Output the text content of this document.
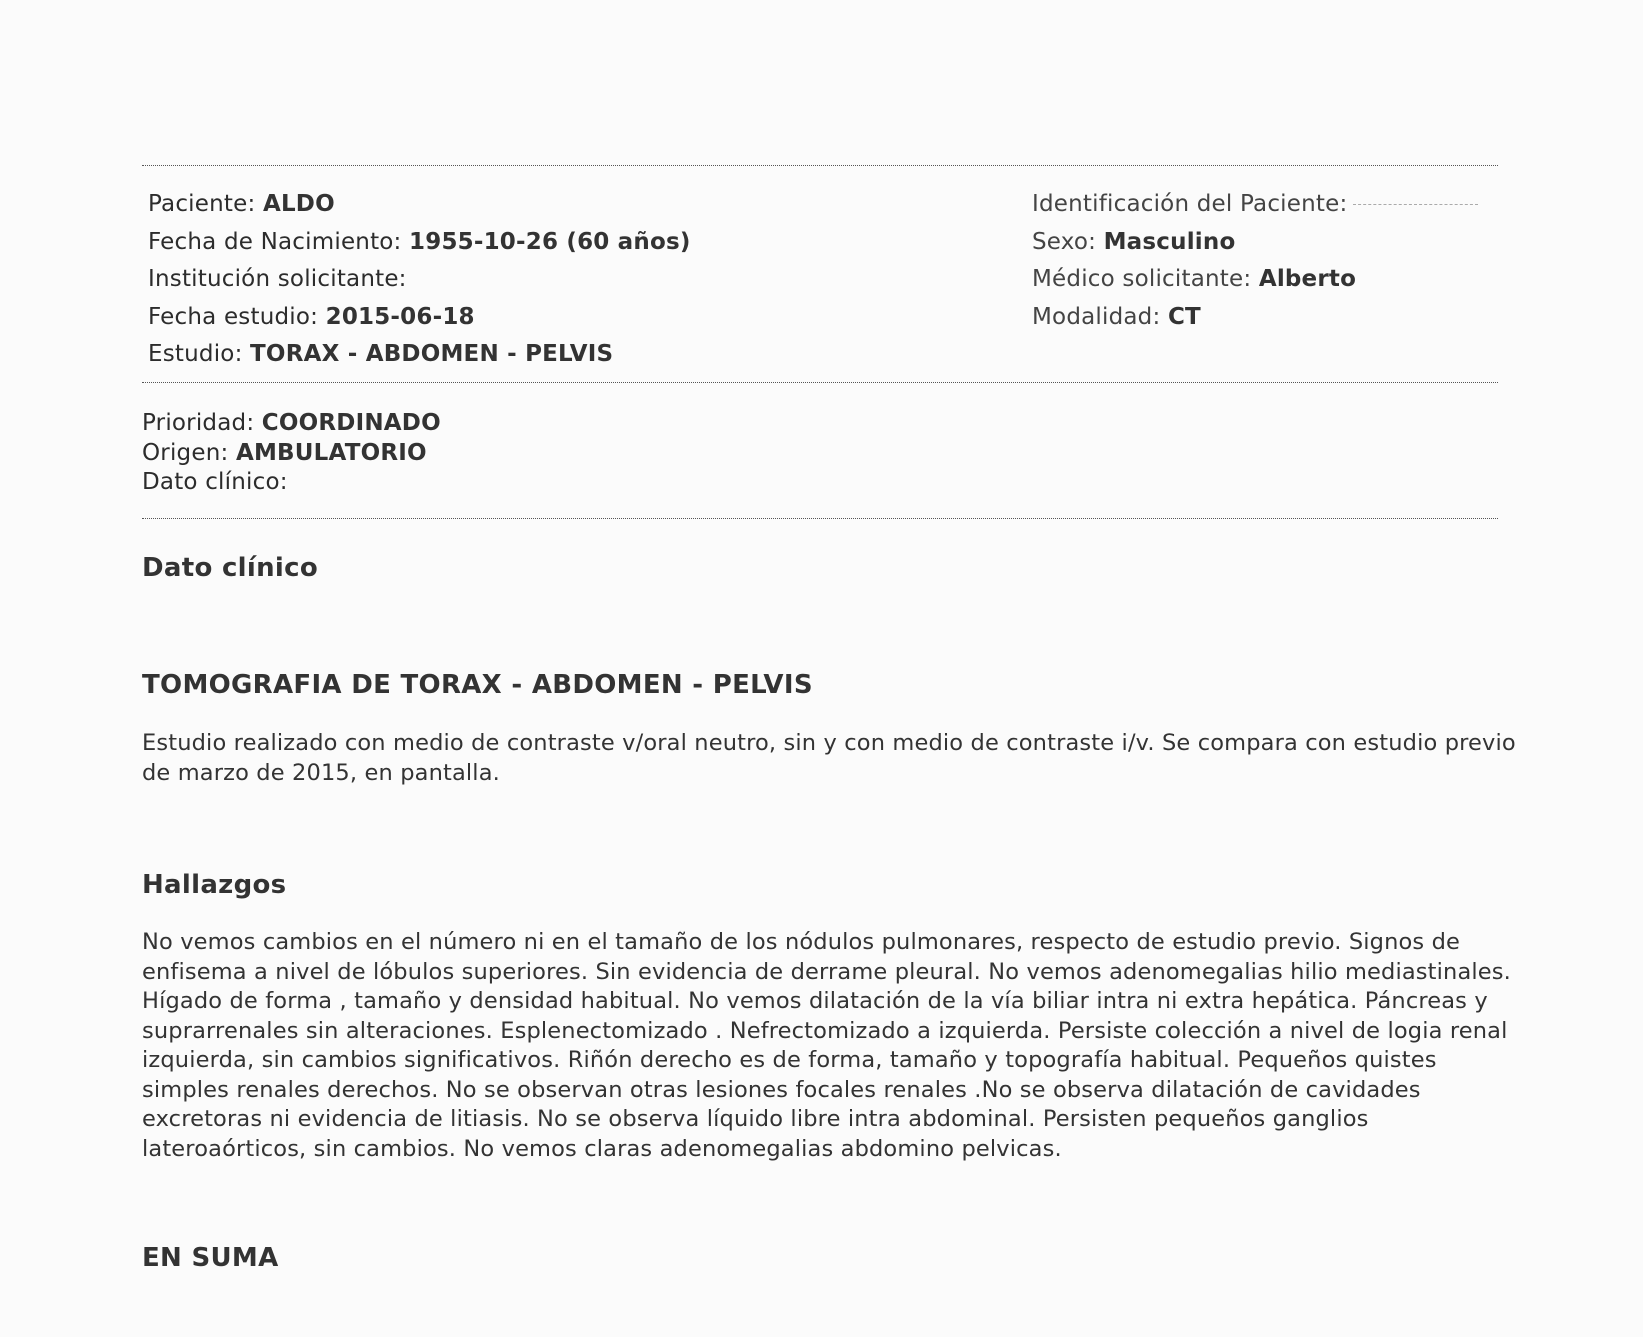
Paciente: ALDO
Fecha de Nacimiento: 1955-10-26 (60 años)
Institución solicitante:
Fecha estudio: 2015-06-18
Estudio: TORAX - ABDOMEN - PELVIS
Identificación del Paciente:
Sexo: Masculino
Médico solicitante: Alberto
Modalidad: CT
Prioridad: COORDINADO
Origen: AMBULATORIO
Dato clínico:
Dato clínico
TOMOGRAFIA DE TORAX - ABDOMEN - PELVIS
Estudio realizado con medio de contraste v/oral neutro, sin y con medio de contraste i/v. Se compara con estudio previo de marzo de 2015, en pantalla.
Hallazgos
No vemos cambios en el número ni en el tamaño de los nódulos pulmonares, respecto de estudio previo. Signos de enfisema a nivel de lóbulos superiores. Sin evidencia de derrame pleural. No vemos adenomegalias hilio mediastinales. Hígado de forma , tamaño y densidad habitual. No vemos dilatación de la vía biliar intra ni extra hepática. Páncreas y suprarrenales sin alteraciones. Esplenectomizado . Nefrectomizado a izquierda. Persiste colección a nivel de logia renal izquierda, sin cambios significativos. Riñón derecho es de forma, tamaño y topografía habitual. Pequeños quistes simples renales derechos. No se observan otras lesiones focales renales .No se observa dilatación de cavidades excretoras ni evidencia de litiasis. No se observa líquido libre intra abdominal. Persisten pequeños ganglios lateroaórticos, sin cambios. No vemos claras adenomegalias abdomino pelvicas.
EN SUMA
